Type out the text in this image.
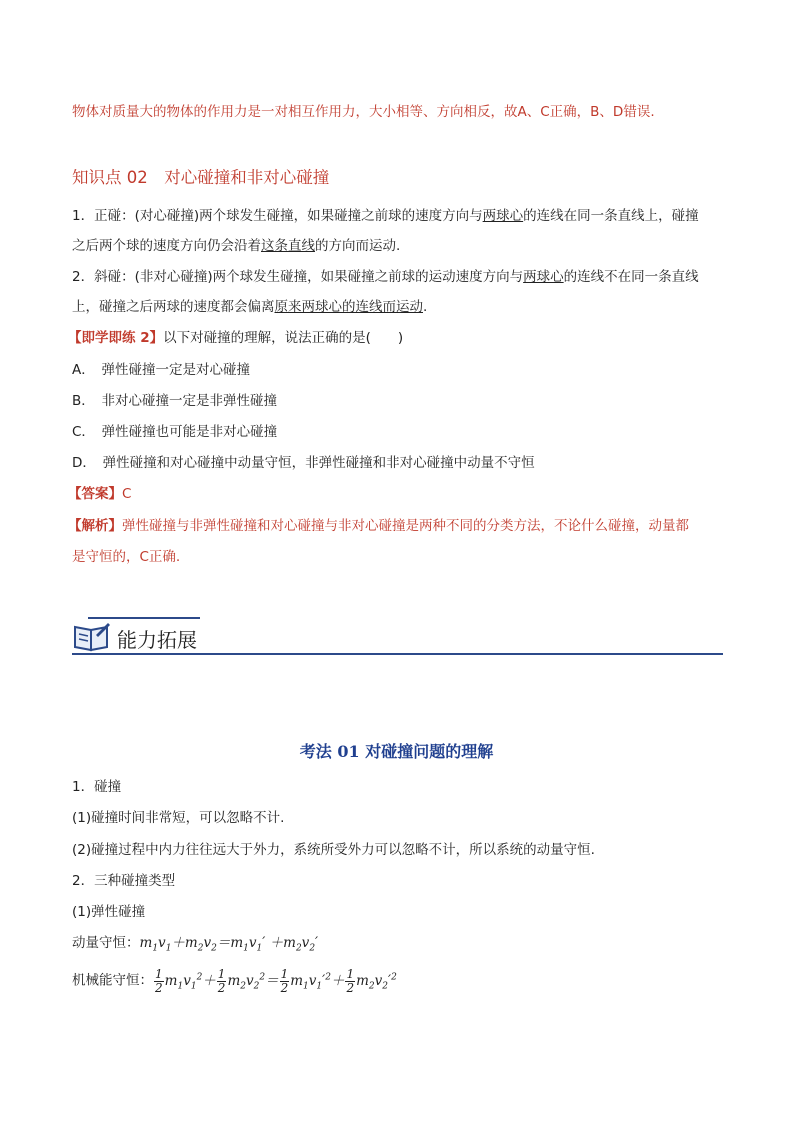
物体对质量大的物体的作用力是一对相互作用力，大小相等、方向相反，故A、C正确，B、D错误.
知识点 02　对心碰撞和非对心碰撞
1．正碰：(对心碰撞)两个球发生碰撞，如果碰撞之前球的速度方向与两球心的连线在同一条直线上，碰撞
之后两个球的速度方向仍会沿着这条直线的方向而运动.
2．斜碰：(非对心碰撞)两个球发生碰撞，如果碰撞之前球的运动速度方向与两球心的连线不在同一条直线
上，碰撞之后两球的速度都会偏离原来两球心的连线而运动.
【即学即练 2】以下对碰撞的理解，说法正确的是(　　)
A．　弹性碰撞一定是对心碰撞
B．　非对心碰撞一定是非弹性碰撞
C．　弹性碰撞也可能是非对心碰撞
D．　弹性碰撞和对心碰撞中动量守恒，非弹性碰撞和非对心碰撞中动量不守恒
【答案】C
【解析】弹性碰撞与非弹性碰撞和对心碰撞与非对心碰撞是两种不同的分类方法，不论什么碰撞，动量都
是守恒的，C正确.
能力拓展
考法 01 对碰撞问题的理解
1．碰撞
(1)碰撞时间非常短，可以忽略不计.
(2)碰撞过程中内力往往远大于外力，系统所受外力可以忽略不计，所以系统的动量守恒.
2．三种碰撞类型
(1)弹性碰撞
动量守恒：$m_1v_1+m_2v_2=m_1v_1' +m_2v_2'$
机械能守恒： $\frac{1}{2} m_1v_1^2+ \frac{1}{2} m_2v_2^2= \frac{1}{2} m_1v_1'^2+ \frac{1}{2} m_2v_2'^2$
